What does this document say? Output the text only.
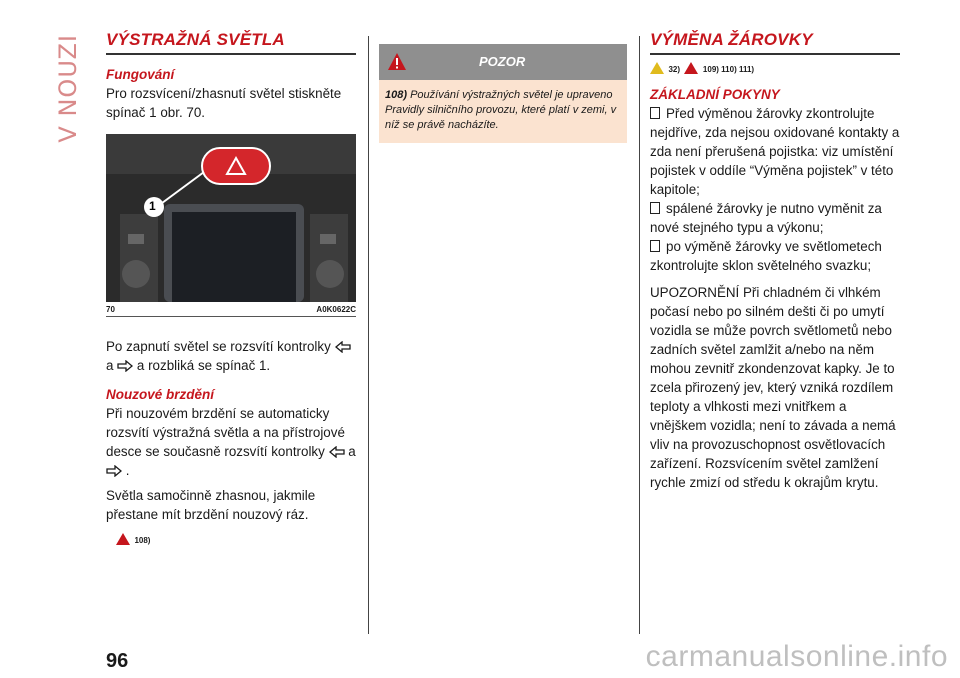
V NOUZI VÝSTRAŽNÁ SVĚTLA
Fungování

Pro rozsvícení/zhasnutí světel stiskněte spínač 1 obr. 70.

1
70	A0K0622C

Po zapnutí světel se rozsvítí kontrolky  a a rozbliká se spínač 1.

Nouzové brzdění

Při nouzovém brzdění se automaticky rozsvítí výstražná světla a na přístrojové desce se současně rozsvítí kontrolky a  .

Světla samočinně zhasnou, jakmile přestane mít brzdění nouzový ráz.

108)
POZOR
108) Používání výstražných světel je upraveno Pravidly silničního provozu, které platí v zemi, v níž se právě nacházíte.
VÝMĚNA ŽÁROVKY
32)	109) 110) 111)
ZÁKLADNÍ POKYNY

Před výměnou žárovky zkontrolujte nejdříve, zda nejsou oxidované kontakty a zda není přerušená pojistka: viz umístění pojistek v oddíle “Výměna pojistek” v této kapitole;

spálené žárovky je nutno vyměnit za nové stejného typu a výkonu;

po výměně žárovky ve světlometech zkontrolujte sklon světelného svazku;

UPOZORNĚNÍ Při chladném či vlhkém počasí nebo po silném dešti či po umytí vozidla se může povrch světlometů nebo zadních světel zamlžit a/nebo na něm mohou zevnitř zkondenzovat kapky. Je to zcela přirozený jev, který vzniká rozdílem teploty a vlhkosti mezi vnitřkem a vnějškem vozidla; není to závada a nemá vliv na provozuschopnost osvětlovacích zařízení. Rozsvícením světel zamlžení rychle zmizí od středu k okrajům krytu.

96	carmanualsonline.info
